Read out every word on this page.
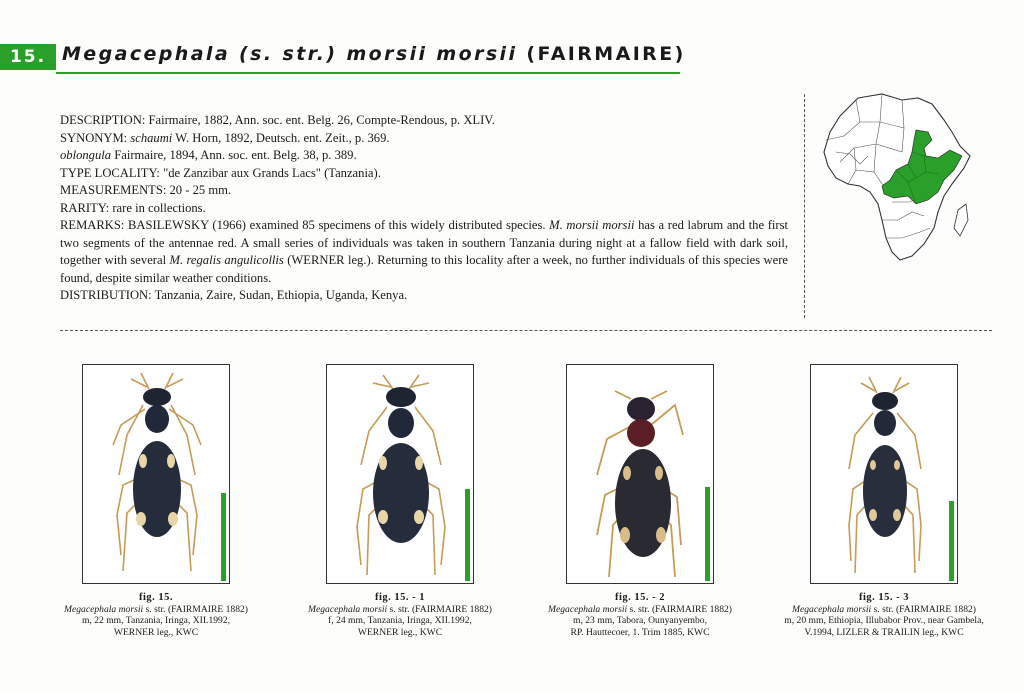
15. Megacephala (s. str.) morsii morsii (FAIRMAIRE)

DESCRIPTION: Fairmaire, 1882, Ann. soc. ent. Belg. 26, Compte-Rendous, p. XLIV.

SYNONYM: schaumi W. Horn, 1892, Deutsch. ent. Zeit., p. 369.

oblongula Fairmaire, 1894, Ann. soc. ent. Belg. 38, p. 389.

TYPE LOCALITY: "de Zanzibar aux Grands Lacs" (Tanzania).

MEASUREMENTS: 20 - 25 mm.

RARITY: rare in collections.

REMARKS: BASILEWSKY (1966) examined 85 specimens of this widely distributed species. M. morsii morsii has a red labrum and the first two segments of the antennae red. A small series of individuals was taken in southern Tanzania during night at a fallow field with dark soil, together with several M. regalis angulicollis (WERNER leg.). Returning to this locality after a week, no further individuals of this species were found, despite similar weather conditions.

DISTRIBUTION: Tanzania, Zaire, Sudan, Ethiopia, Uganda, Kenya.

fig. 15.
Megacephala morsii s. str. (FAIRMAIRE 1882)
m, 22 mm, Tanzania, Iringa, XII.1992,
WERNER leg., KWC
fig. 15. - 1
Megacephala morsii s. str. (FAIRMAIRE 1882)
f, 24 mm, Tanzania, Iringa, XII.1992,
WERNER leg., KWC
fig. 15. - 2
Megacephala morsii s. str. (FAIRMAIRE 1882)
m, 23 mm, Tabora, Ounyanyembo,
RP. Hauttecoer, 1. Trim 1885, KWC
fig. 15. - 3
Megacephala morsii s. str. (FAIRMAIRE 1882)
m, 20 mm, Ethiopia, Illubabor Prov., near Gambela,
V.1994, LIZLER & TRAILIN leg., KWC
